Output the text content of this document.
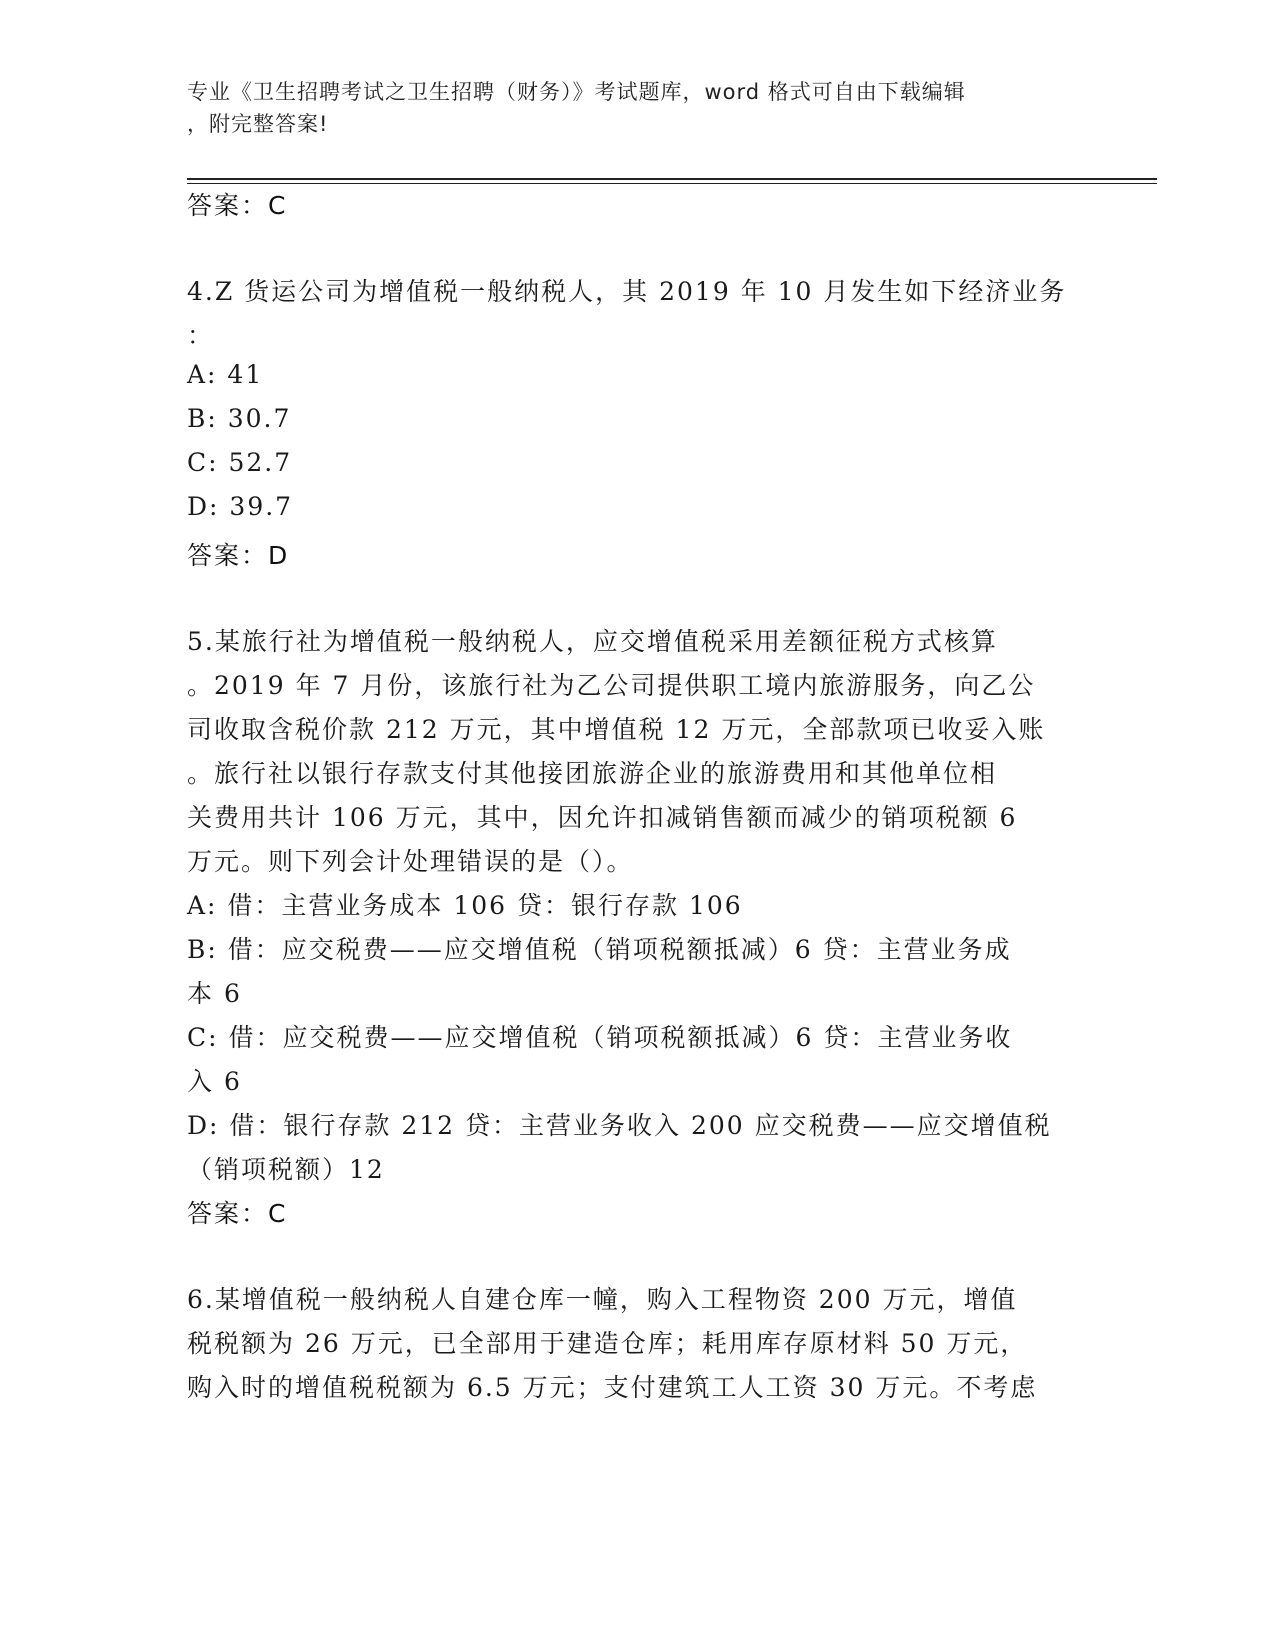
专业《卫生招聘考试之卫生招聘（财务）》考试题库，word 格式可自由下载编辑
，附完整答案!
答案：C
4.Z 货运公司为增值税一般纳税人，其 2019 年 10 月发生如下经济业务
：
A: 41
B: 30.7
C: 52.7
D: 39.7
答案：D
5.某旅行社为增值税一般纳税人，应交增值税采用差额征税方式核算
。2019 年 7 月份，该旅行社为乙公司提供职工境内旅游服务，向乙公
司收取含税价款 212 万元，其中增值税 12 万元，全部款项已收妥入账
。旅行社以银行存款支付其他接团旅游企业的旅游费用和其他单位相
关费用共计 106 万元，其中，因允许扣减销售额而减少的销项税额 6
万元。则下列会计处理错误的是（）。
A: 借：主营业务成本 106 贷：银行存款 106
B: 借：应交税费——应交增值税（销项税额抵减）6 贷：主营业务成
本 6
C: 借：应交税费——应交增值税（销项税额抵减）6 贷：主营业务收
入 6
D: 借：银行存款 212 贷：主营业务收入 200 应交税费——应交增值税
（销项税额）12
答案：C
6.某增值税一般纳税人自建仓库一幢，购入工程物资 200 万元，增值
税税额为 26 万元，已全部用于建造仓库；耗用库存原材料 50 万元，
购入时的增值税税额为 6.5 万元；支付建筑工人工资 30 万元。不考虑
